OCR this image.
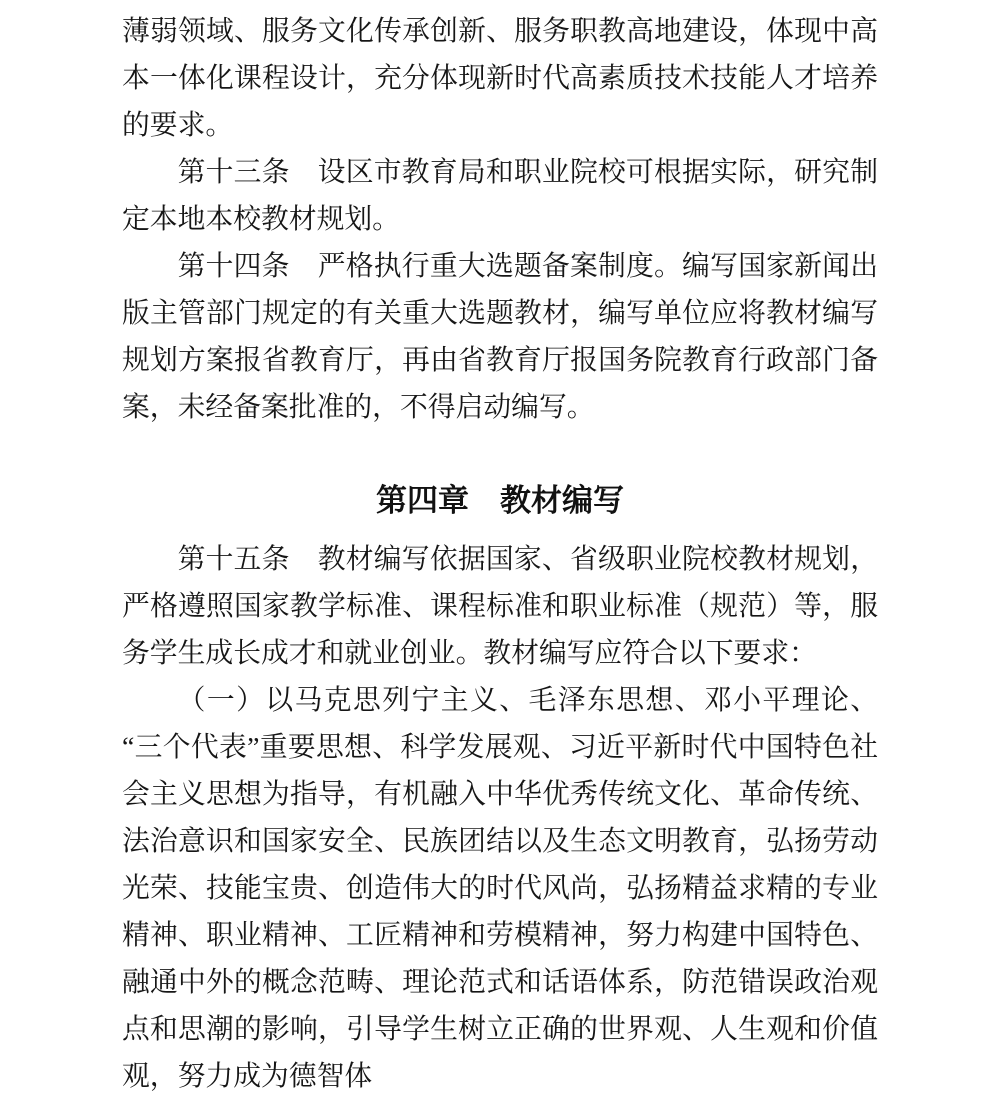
薄弱领域、服务文化传承创新、服务职教高地建设，体现中高本一体化课程设计，充分体现新时代高素质技术技能人才培养的要求。

第十三条　设区市教育局和职业院校可根据实际，研究制定本地本校教材规划。

第十四条　严格执行重大选题备案制度。编写国家新闻出版主管部门规定的有关重大选题教材，编写单位应将教材编写规划方案报省教育厅，再由省教育厅报国务院教育行政部门备案，未经备案批准的，不得启动编写。

第四章　教材编写

第十五条　教材编写依据国家、省级职业院校教材规划，严格遵照国家教学标准、课程标准和职业标准（规范）等，服务学生成长成才和就业创业。教材编写应符合以下要求：

（一）以马克思列宁主义、毛泽东思想、邓小平理论、“三个代表”重要思想、科学发展观、习近平新时代中国特色社会主义思想为指导，有机融入中华优秀传统文化、革命传统、法治意识和国家安全、民族团结以及生态文明教育，弘扬劳动光荣、技能宝贵、创造伟大的时代风尚，弘扬精益求精的专业精神、职业精神、工匠精神和劳模精神，努力构建中国特色、融通中外的概念范畴、理论范式和话语体系，防范错误政治观点和思潮的影响，引导学生树立正确的世界观、人生观和价值观，努力成为德智体
